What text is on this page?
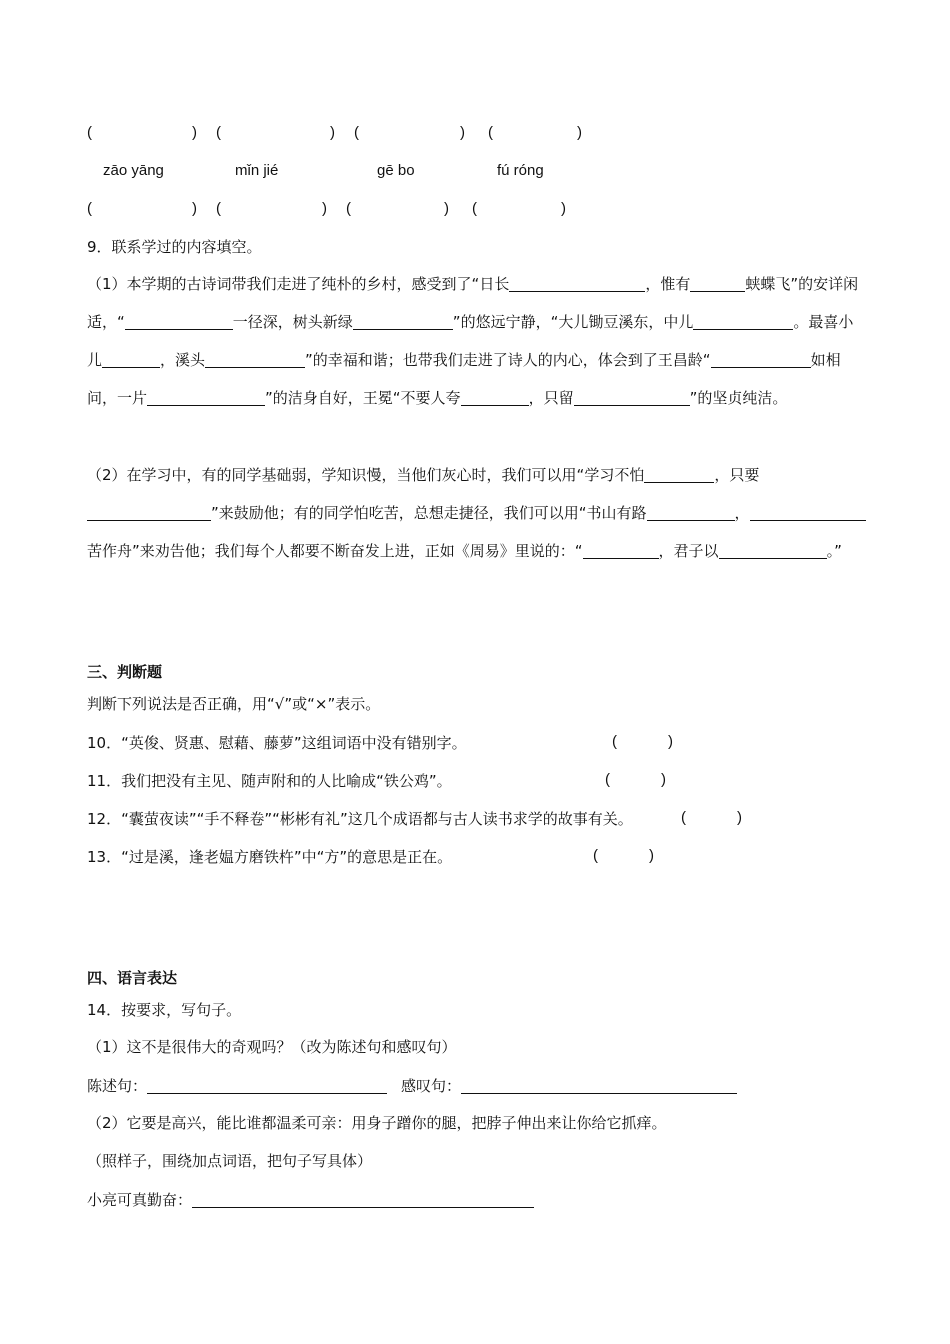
(	) (	) (	) (	)
zāo yāng	mǐn jié	gē bo	fú róng
(	) (	) (	) (	)
9．联系学过的内容填空。
（1）本学期的古诗词带我们走进了纯朴的乡村，感受到了“日长	，惟有	蛱蝶飞”的安详闲适，“	一径深，树头新绿	”的悠远宁静，“大儿锄豆溪东，中儿	。最喜小儿	，溪头	”的幸福和谐；也带我们走进了诗人的内心，体会到了王昌龄“	如相问，一片	”的洁身自好，王冕“不要人夸	，只留	”的坚贞纯洁。
（2）在学习中，有的同学基础弱，学知识慢，当他们灰心时，我们可以用“学习不怕	，只要”来鼓励他；有的同学怕吃苦，总想走捷径，我们可以用“书山有路	，苦作舟”来劝告他；我们每个人都要不断奋发上进，正如《周易》里说的：“	，君子以	。”
三、判断题
判断下列说法是否正确，用“√”或“×”表示。
10．“英俊、贤惠、慰藉、藤萝”这组词语中没有错别字。	(	)
11．我们把没有主见、随声附和的人比喻成“铁公鸡”。	(	)
12．“囊萤夜读”“手不释卷”“彬彬有礼”这几个成语都与古人读书求学的故事有关。	(	)
13．“过是溪，逢老媪方磨铁杵”中“方”的意思是正在。	(	)
四、语言表达
14．按要求，写句子。
（1）这不是很伟大的奇观吗？（改为陈述句和感叹句）
陈述句：	感叹句：
（2）它要是高兴，能比谁都温柔可亲：用身子蹭你的腿，把脖子伸出来让你给它抓痒。
（照样子，围绕加点词语，把句子写具体）
小亮可真勤奋：
